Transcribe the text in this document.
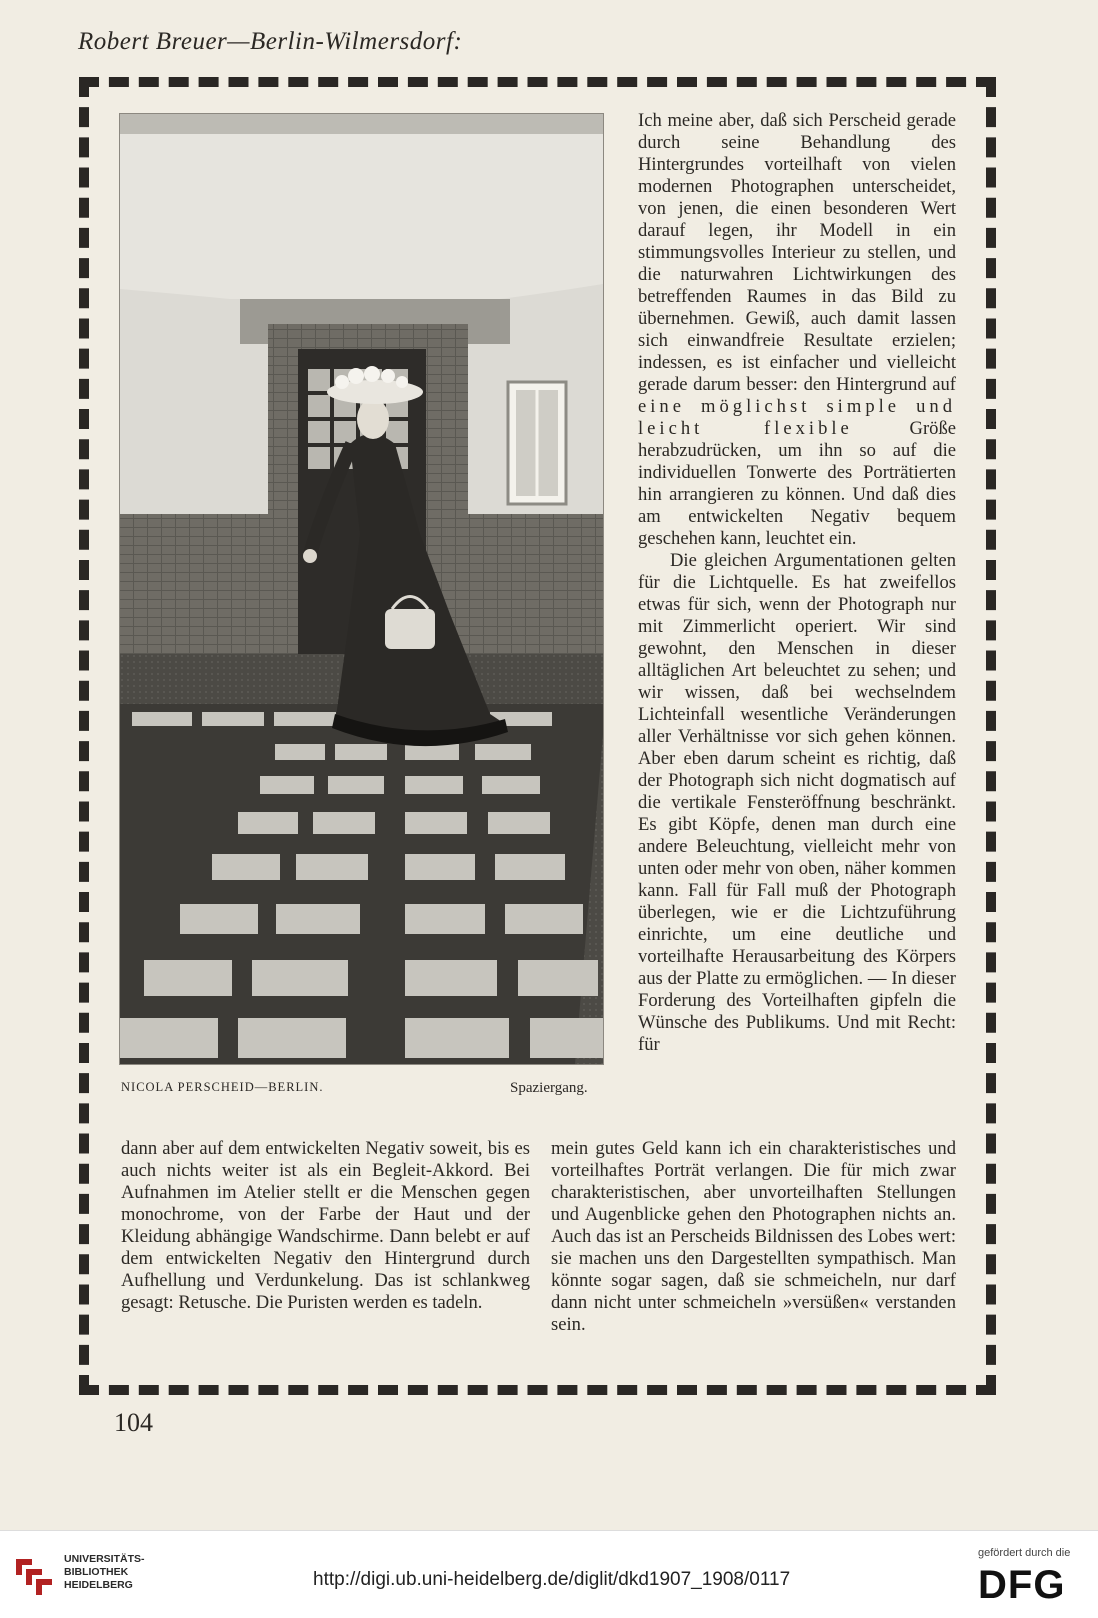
Robert Breuer—Berlin-Wilmersdorf:
NICOLA PERSCHEID—BERLIN.	Spaziergang.

Ich meine aber, daß sich Perscheid gerade durch seine Behandlung des Hintergrundes vorteilhaft von vielen modernen Photographen unterscheidet, von jenen, die einen besonderen Wert darauf legen, ihr Modell in ein stimmungsvolles Interieur zu stellen, und die naturwahren Lichtwirkungen des betreffenden Raumes in das Bild zu übernehmen. Gewiß, auch damit lassen sich einwandfreie Resultate erzielen; indessen, es ist einfacher und vielleicht gerade darum besser: den Hintergrund auf eine möglichst simple und leicht flexible Größe herabzudrücken, um ihn so auf die individuellen Tonwerte des Porträtierten hin arrangieren zu können. Und daß dies am entwickelten Negativ bequem geschehen kann, leuchtet ein.

Die gleichen Argumentationen gelten für die Lichtquelle. Es hat zweifellos etwas für sich, wenn der Photograph nur mit Zimmerlicht operiert. Wir sind gewohnt, den Menschen in dieser alltäglichen Art beleuchtet zu sehen; und wir wissen, daß bei wechselndem Lichteinfall wesentliche Veränderungen aller Verhältnisse vor sich gehen können. Aber eben darum scheint es richtig, daß der Photograph sich nicht dogmatisch auf die vertikale Fensteröffnung beschränkt. Es gibt Köpfe, denen man durch eine andere Beleuchtung, vielleicht mehr von unten oder mehr von oben, näher kommen kann. Fall für Fall muß der Photograph überlegen, wie er die Lichtzuführung einrichte, um eine deutliche und vorteilhafte Herausarbeitung des Körpers aus der Platte zu ermöglichen. — In dieser Forderung des Vorteilhaften gipfeln die Wünsche des Publikums. Und mit Recht: für

dann aber auf dem entwickelten Negativ soweit, bis es auch nichts weiter ist als ein Begleit-Akkord. Bei Aufnahmen im Atelier stellt er die Menschen gegen monochrome, von der Farbe der Haut und der Kleidung abhängige Wandschirme. Dann belebt er auf dem entwickelten Negativ den Hintergrund durch Aufhellung und Verdunkelung. Das ist schlankweg gesagt: Retusche. Die Puristen werden es tadeln.

mein gutes Geld kann ich ein charakteristisches und vorteilhaftes Porträt verlangen. Die für mich zwar charakteristischen, aber unvorteilhaften Stellungen und Augenblicke gehen den Photographen nichts an. Auch das ist an Perscheids Bildnissen des Lobes wert: sie machen uns den Dargestellten sympathisch. Man könnte sogar sagen, daß sie schmeicheln, nur darf dann nicht unter schmeicheln »versüßen« verstanden sein.

104
UNIVERSITÄTS-
BIBLIOTHEK
HEIDELBERG	http://digi.ub.uni-heidelberg.de/diglit/dkd1907_1908/0117
gefördert durch die
DFG
